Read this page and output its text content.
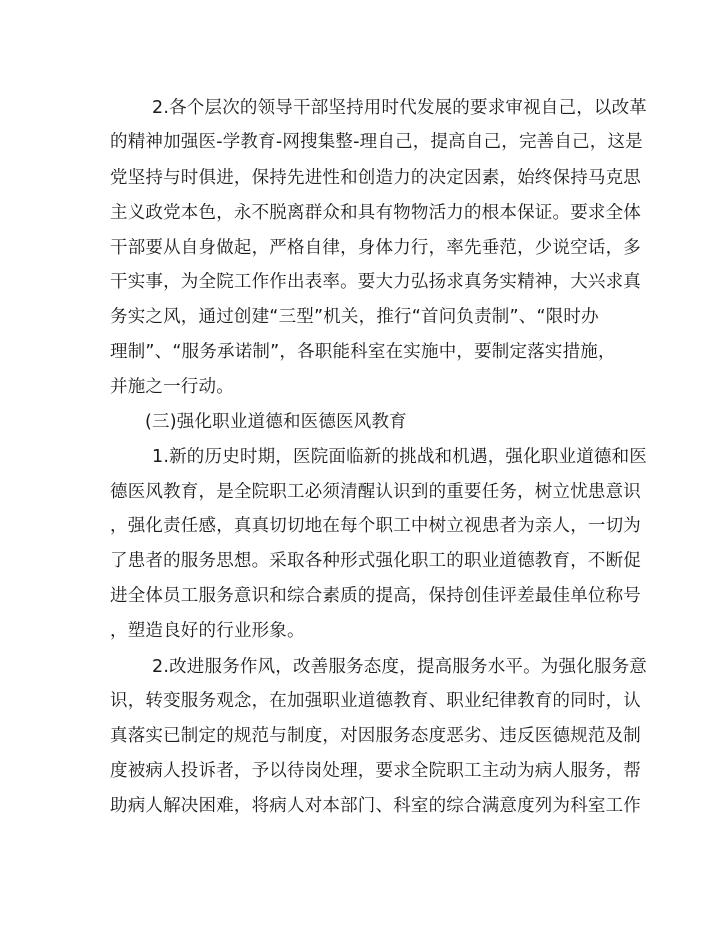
2.各个层次的领导干部坚持用时代发展的要求审视自己，以改革
的精神加强医-学教育-网搜集整-理自己，提高自己，完善自己，这是
党坚持与时俱进，保持先进性和创造力的决定因素，始终保持马克思
主义政党本色，永不脱离群众和具有物物活力的根本保证。要求全体
干部要从自身做起，严格自律，身体力行，率先垂范，少说空话，多
干实事，为全院工作作出表率。要大力弘扬求真务实精神，大兴求真
务实之风，通过创建“三型”机关，推行“首问负责制”、“限时办
理制”、“服务承诺制”，各职能科室在实施中，要制定落实措施，
并施之一行动。
(三)强化职业道德和医德医风教育
1.新的历史时期，医院面临新的挑战和机遇，强化职业道德和医
德医风教育，是全院职工必须清醒认识到的重要任务，树立忧患意识
，强化责任感，真真切切地在每个职工中树立视患者为亲人，一切为
了患者的服务思想。采取各种形式强化职工的职业道德教育，不断促
进全体员工服务意识和综合素质的提高，保持创佳评差最佳单位称号
，塑造良好的行业形象。
2.改进服务作风，改善服务态度，提高服务水平。为强化服务意
识，转变服务观念，在加强职业道德教育、职业纪律教育的同时，认
真落实已制定的规范与制度，对因服务态度恶劣、违反医德规范及制
度被病人投诉者，予以待岗处理，要求全院职工主动为病人服务，帮
助病人解决困难，将病人对本部门、科室的综合满意度列为科室工作
